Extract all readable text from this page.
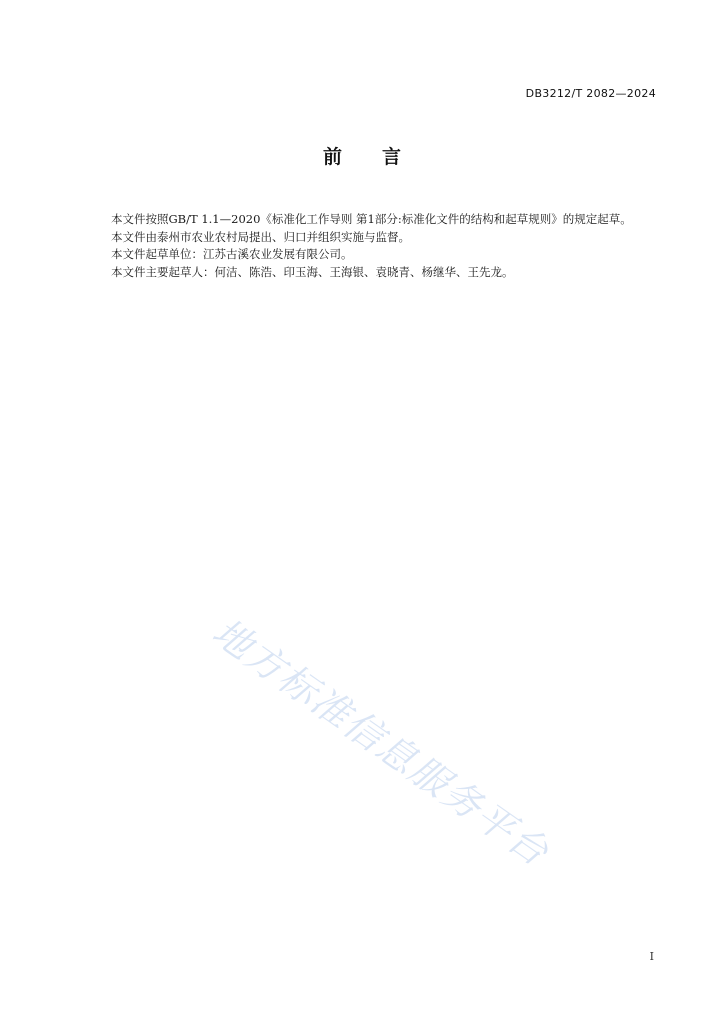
DB3212/T 2082—2024
前言

本文件按照GB/T 1.1—2020《标准化工作导则 第1部分:标准化文件的结构和起草规则》的规定起草。

本文件由泰州市农业农村局提出、归口并组织实施与监督。

本文件起草单位：江苏古溪农业发展有限公司。

本文件主要起草人：何洁、陈浩、印玉海、王海银、袁晓青、杨继华、王先龙。

地方标准信息服务平台
I
